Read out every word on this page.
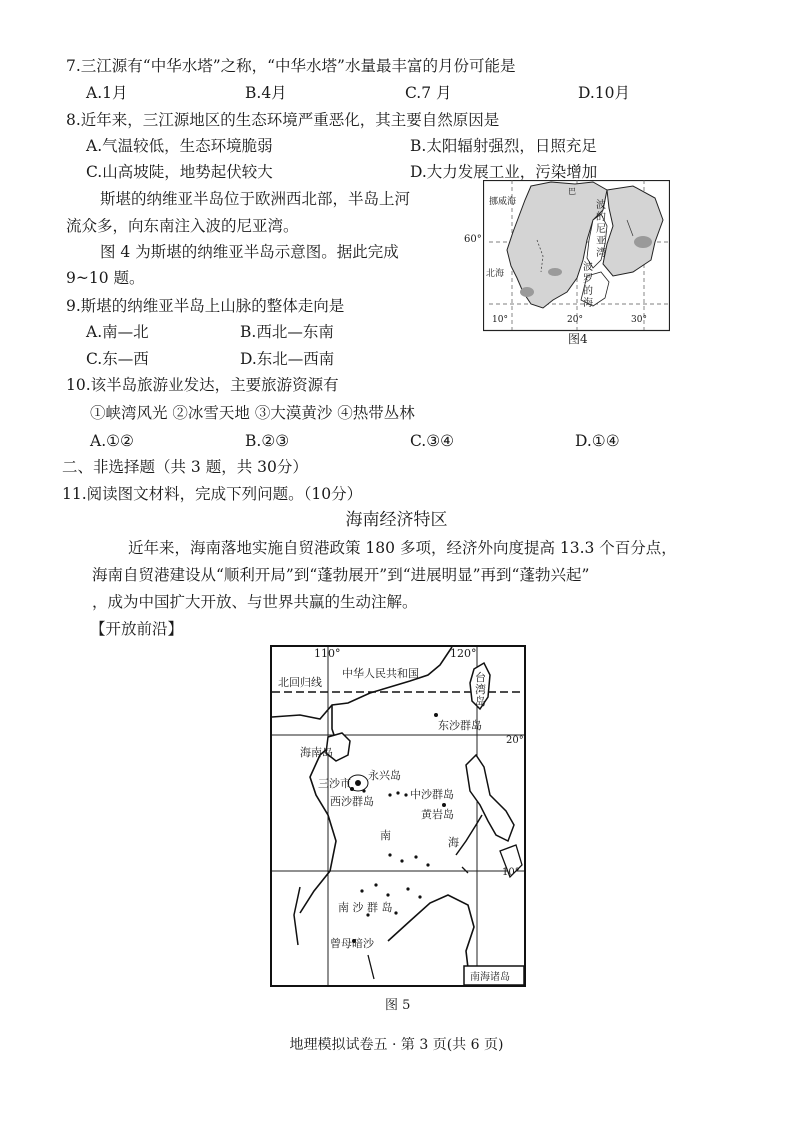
7.三江源有“中华水塔”之称，“中华水塔”水量最丰富的月份可能是
A.1月	B.4月	C.7 月	D.10月
8.近年来，三江源地区的生态环境严重恶化，其主要自然原因是
A.气温较低，生态环境脆弱	B.太阳辐射强烈，日照充足
C.山高坡陡，地势起伏较大	D.大力发展工业，污染增加
斯堪的纳维亚半岛位于欧洲西北部，半岛上河
流众多，向东南注入波的尼亚湾。
图 4 为斯堪的纳维亚半岛示意图。据此完成
9~10 题。
9.斯堪的纳维亚半岛上山脉的整体走向是
A.南—北	B.西北—东南
C.东—西	D.东北—西南
10.该半岛旅游业发达，主要旅游资源有
①峡湾风光 ②冰雪天地 ③大漠黄沙 ④热带丛林
A.①②	B.②③	C.③④	D.①④
二、非选择题（共 3 题，共 30分）
11.阅读图文材料，完成下列问题。（10分）
海南经济特区
近年来，海南落地实施自贸港政策 180 多项，经济外向度提高 13.3 个百分点，
海南自贸港建设从“顺利开局”到“蓬勃展开”到“进展明显”再到“蓬勃兴起”
，成为中国扩大开放、与世界共赢的生动注解。
【开放前沿】
挪威海
北海
巴
波
的
尼
亚
湾
波
罗
的
海
10°	20°	30°
60°
图4
110°	120°
北回归线
中华人民共和国	台
湾
岛
东沙群岛
20°
海南岛
三沙市
永兴岛
西沙群岛
中沙群岛
黄岩岛
南
海
10°
南 沙 群 岛
曾母暗沙
南海诸岛
图 5
地理模拟试卷五 · 第 3 页(共 6 页)
